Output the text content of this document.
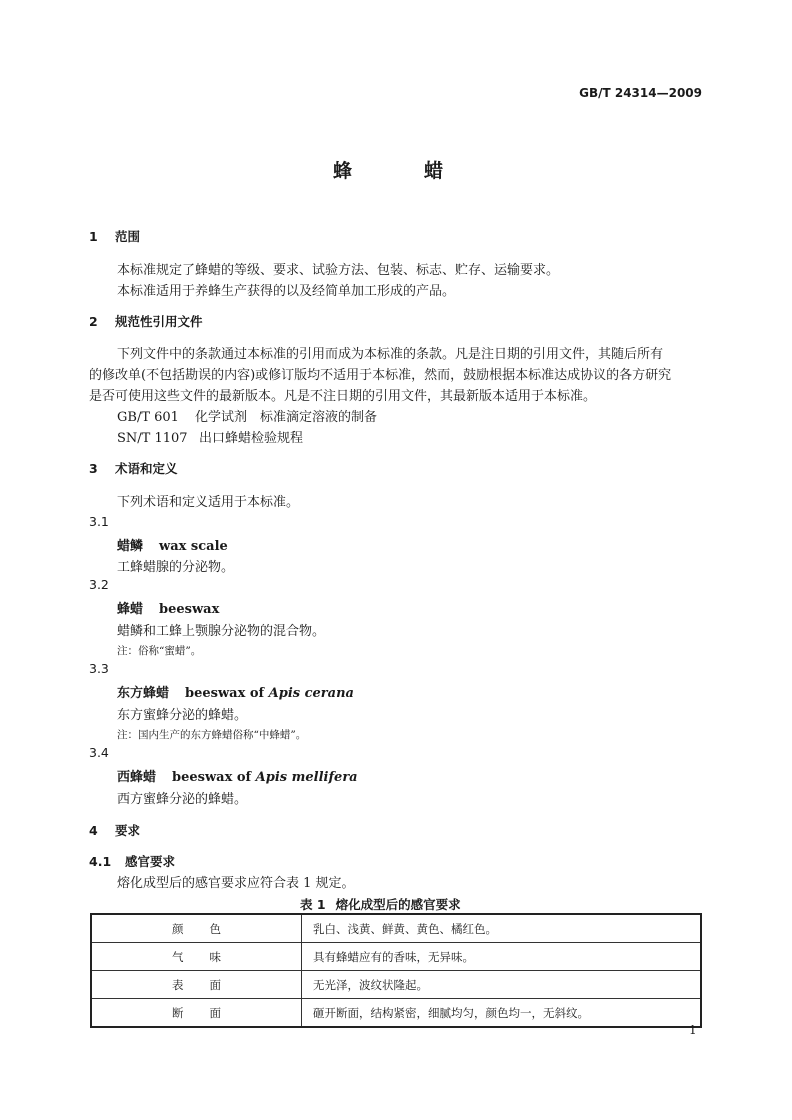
GB/T 24314—2009
蜂	蜡
1 范围
本标准规定了蜂蜡的等级、要求、试验方法、包装、标志、贮存、运输要求。
本标准适用于养蜂生产获得的以及经简单加工形成的产品。
2 规范性引用文件
下列文件中的条款通过本标准的引用而成为本标准的条款。凡是注日期的引用文件，其随后所有
的修改单(不包括勘误的内容)或修订版均不适用于本标准，然而，鼓励根据本标准达成协议的各方研究
是否可使用这些文件的最新版本。凡是不注日期的引用文件，其最新版本适用于本标准。
GB/T 601 化学试剂　标准滴定溶液的制备
SN/T 1107 出口蜂蜡检验规程
3 术语和定义
下列术语和定义适用于本标准。
3.1
蜡鳞 wax scale
工蜂蜡腺的分泌物。
3.2
蜂蜡 beeswax
蜡鳞和工蜂上颚腺分泌物的混合物。
注：俗称“蜜蜡”。
3.3
东方蜂蜡 beeswax of Apis cerana
东方蜜蜂分泌的蜂蜡。
注：国内生产的东方蜂蜡俗称“中蜂蜡”。
3.4
西蜂蜡 beeswax of Apis mellifera
西方蜜蜂分泌的蜂蜡。
4 要求
4.1 感官要求
熔化成型后的感官要求应符合表 1 规定。
表 1 熔化成型后的感官要求
颜色	乳白、浅黄、鲜黄、黄色、橘红色。
气味	具有蜂蜡应有的香味，无异味。
表面	无光泽，波纹状隆起。
断面	砸开断面，结构紧密，细腻均匀，颜色均一，无斜纹。
1
